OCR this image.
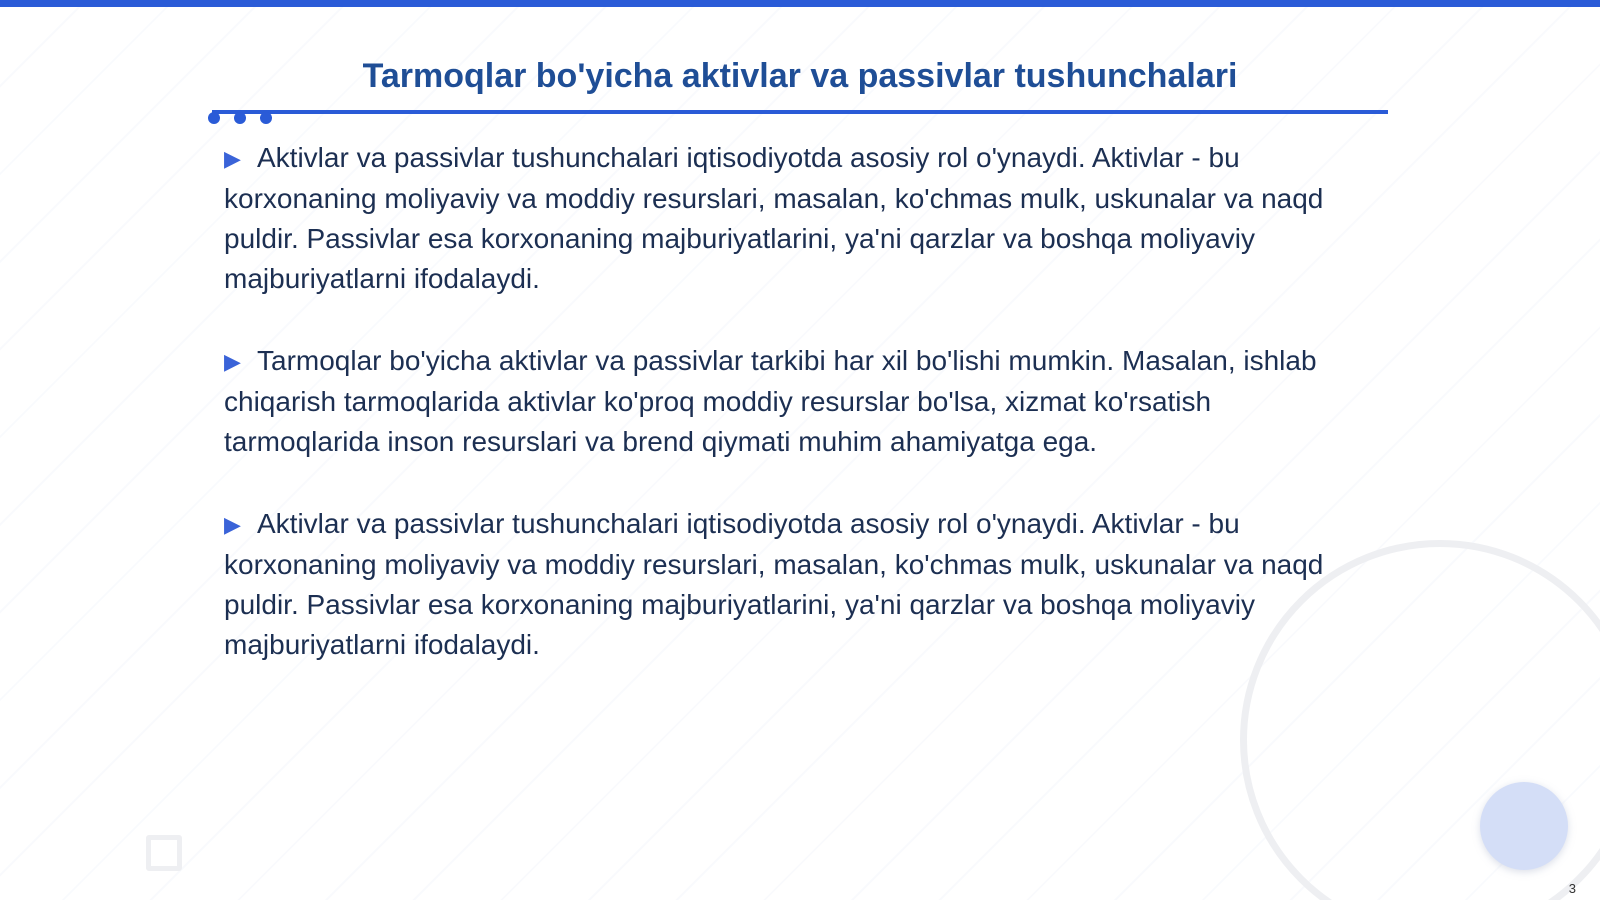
Tarmoqlar bo'yicha aktivlar va passivlar tushunchalari

▶ Aktivlar va passivlar tushunchalari iqtisodiyotda asosiy rol o'ynaydi. Aktivlar - bu korxonaning moliyaviy va moddiy resurslari, masalan, ko'chmas mulk, uskunalar va naqd puldir. Passivlar esa korxonaning majburiyatlarini, ya'ni qarzlar va boshqa moliyaviy majburiyatlarni ifodalaydi.

▶ Tarmoqlar bo'yicha aktivlar va passivlar tarkibi har xil bo'lishi mumkin. Masalan, ishlab chiqarish tarmoqlarida aktivlar ko'proq moddiy resurslar bo'lsa, xizmat ko'rsatish tarmoqlarida inson resurslari va brend qiymati muhim ahamiyatga ega.

▶ Aktivlar va passivlar tushunchalari iqtisodiyotda asosiy rol o'ynaydi. Aktivlar - bu korxonaning moliyaviy va moddiy resurslari, masalan, ko'chmas mulk, uskunalar va naqd puldir. Passivlar esa korxonaning majburiyatlarini, ya'ni qarzlar va boshqa moliyaviy majburiyatlarni ifodalaydi.

3
